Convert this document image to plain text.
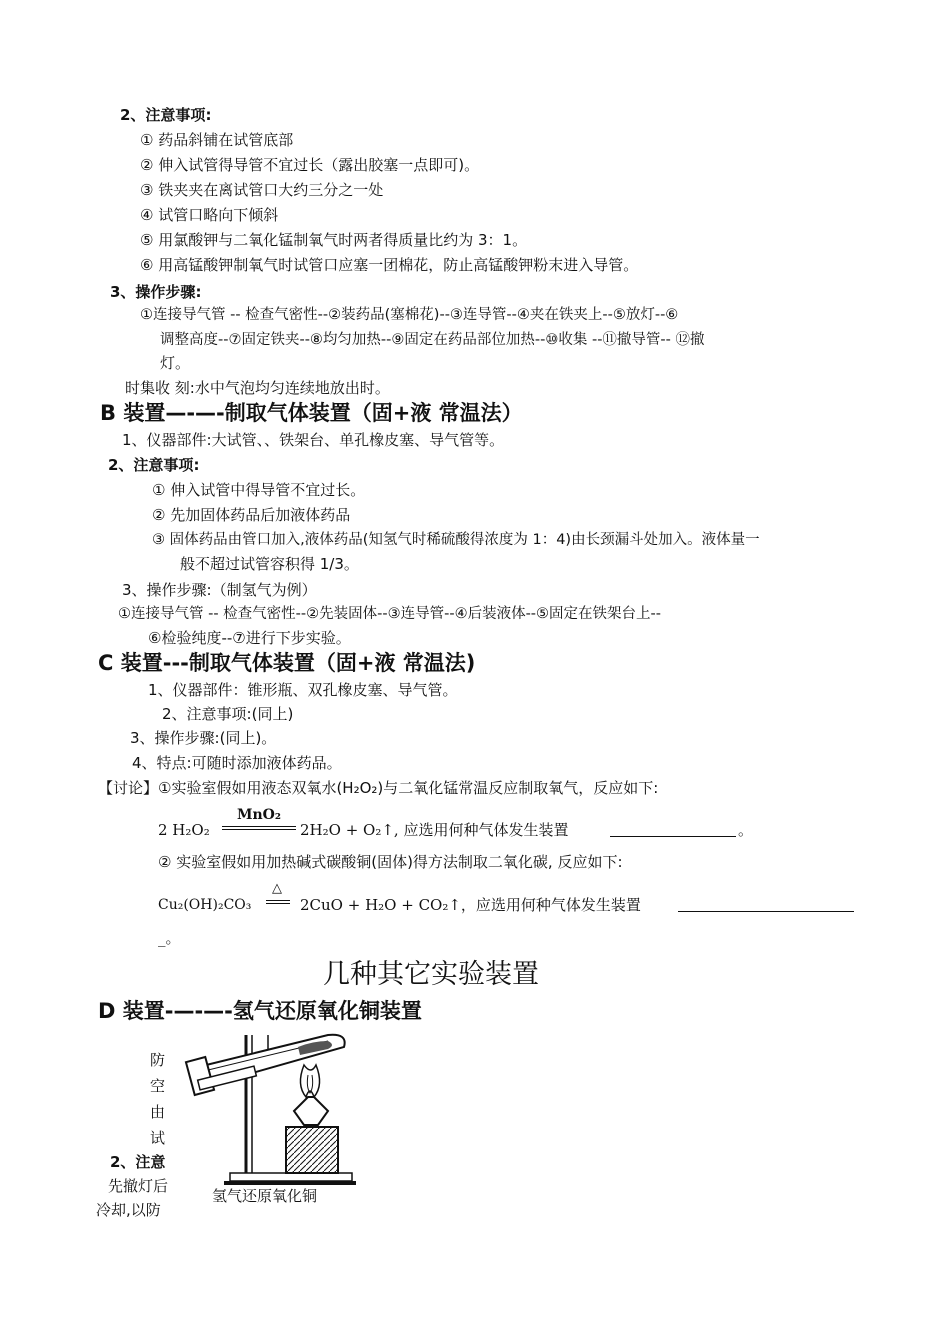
2、注意事项:
① 药品斜铺在试管底部
② 伸入试管得导管不宜过长（露出胶塞一点即可)。
③ 铁夹夹在离试管口大约三分之一处
④ 试管口略向下倾斜
⑤ 用氯酸钾与二氧化锰制氧气时两者得质量比约为 3：1。
⑥ 用高锰酸钾制氧气时试管口应塞一团棉花，防止高锰酸钾粉末进入导管。
3、操作步骤:
①连接导气管 -- 检查气密性--②装药品(塞棉花)--③连导管--④夹在铁夹上--⑤放灯--⑥
调整高度--⑦固定铁夹--⑧均匀加热--⑨固定在药品部位加热--⑩收集 --⑪撤导管-- ⑫撤
灯。
时集收 刻:水中气泡均匀连续地放出时。
B 装置—-—-制取气体装置（固+液 常温法）
1、仪器部件:大试管、、铁架台、单孔橡皮塞、导气管等。
2、注意事项:
① 伸入试管中得导管不宜过长。
② 先加固体药品后加液体药品
③ 固体药品由管口加入,液体药品(知氢气时稀硫酸得浓度为 1：4)由长颈漏斗处加入。液体量一
般不超过试管容积得 1/3。
3、操作步骤:（制氢气为例）
①连接导气管 -- 检查气密性--②先装固体--③连导管--④后装液体--⑤固定在铁架台上--
⑥检验纯度--⑦进行下步实验。
C 装置---制取气体装置（固+液 常温法)
1、仪器部件：锥形瓶、双孔橡皮塞、导气管。
2、注意事项:(同上)
3、操作步骤:(同上)。
4、特点:可随时添加液体药品。
【讨论】①实验室假如用液态双氧水(H₂O₂)与二氧化锰常温反应制取氧气，反应如下:
2 H₂O₂
MnO₂
2H₂O + O₂↑, 应选用何种气体发生装置	。
② 实验室假如用加热碱式碳酸铜(固体)得方法制取二氧化碳, 反应如下:
Cu₂(OH)₂CO₃
△
2CuO + H₂O + CO₂↑，应选用何种气体发生装置
_。
几种其它实验装置
D 装置-—-—-氢气还原氧化铜装置
防
空
由
试
2、注意
先撤灯后
冷却,以防
氢气还原氧化铜
